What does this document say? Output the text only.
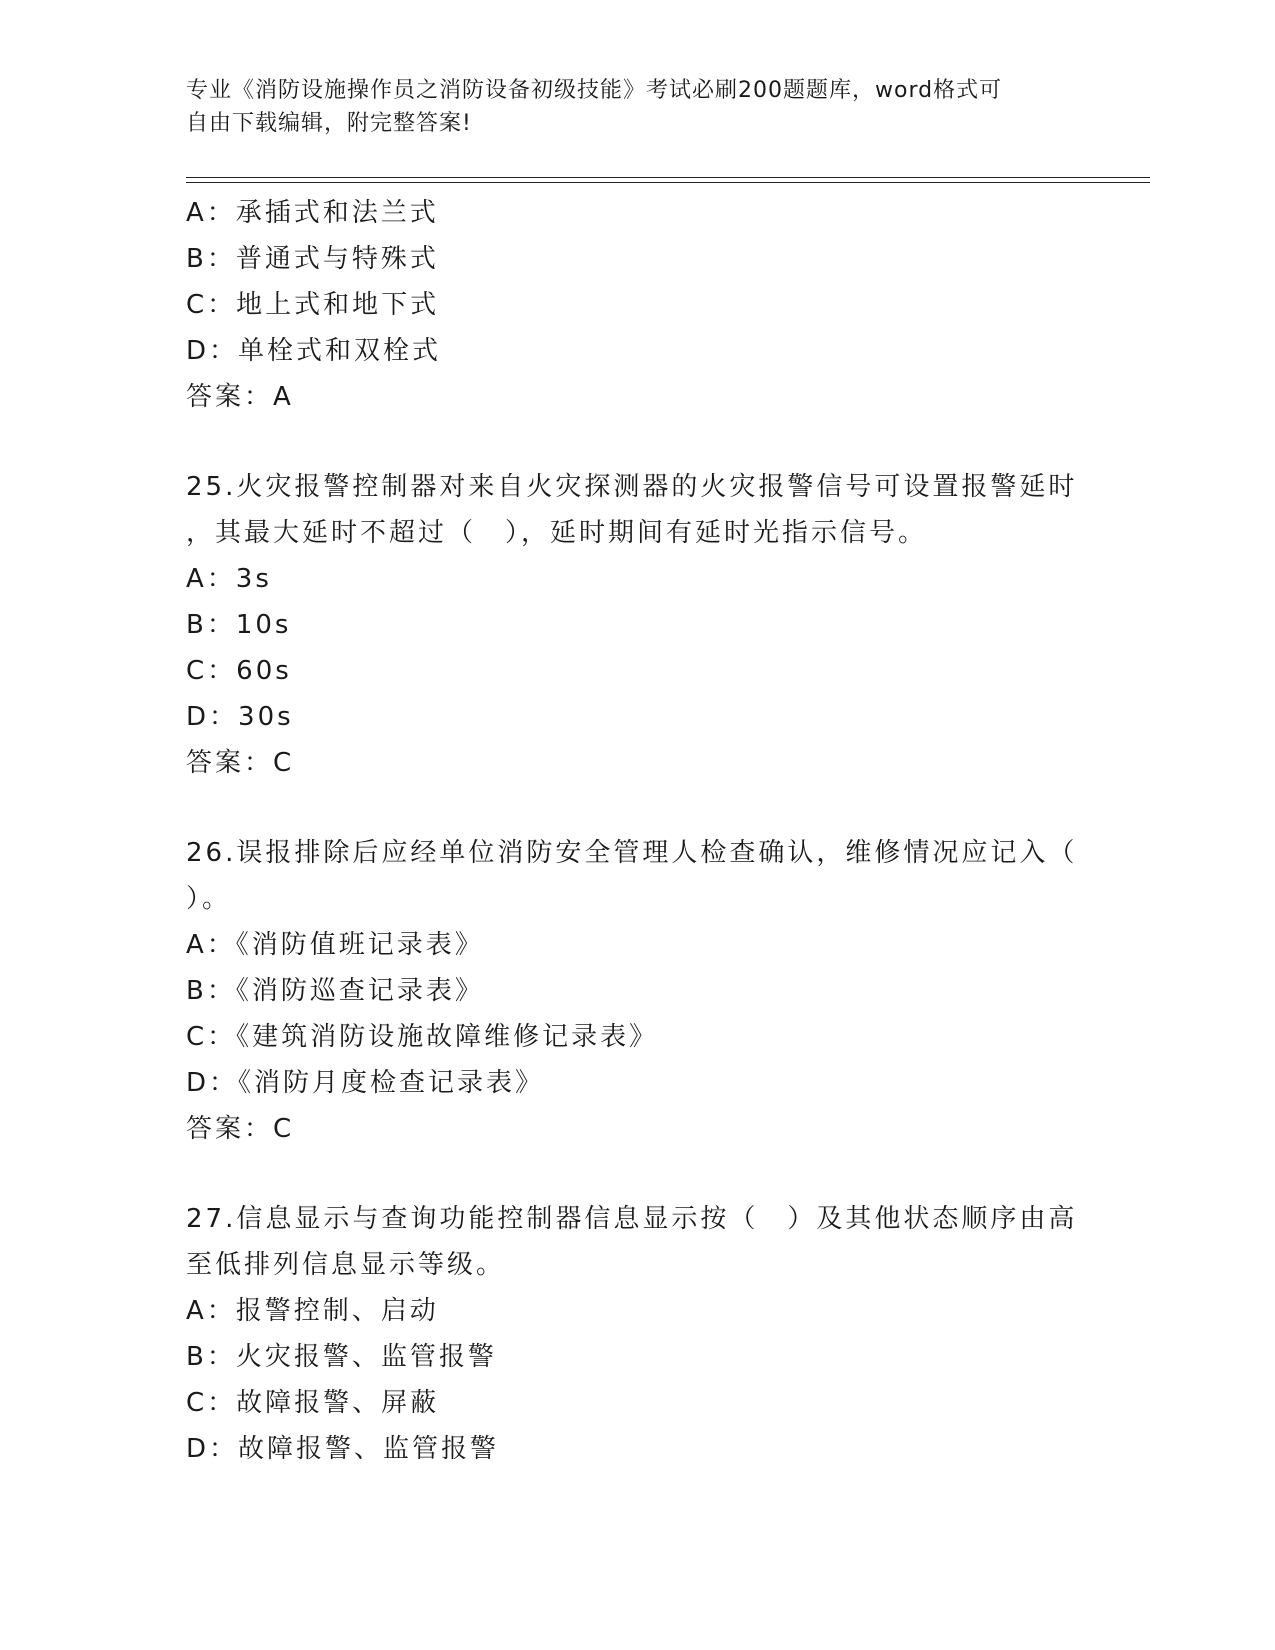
专业《消防设施操作员之消防设备初级技能》考试必刷200题题库，word格式可
自由下载编辑，附完整答案!
A：承插式和法兰式
B：普通式与特殊式
C：地上式和地下式
D：单栓式和双栓式
答案：A
25.火灾报警控制器对来自火灾探测器的火灾报警信号可设置报警延时
，其最大延时不超过（　），延时期间有延时光指示信号。
A：3s
B：10s
C：60s
D：30s
答案：C
26.误报排除后应经单位消防安全管理人检查确认，维修情况应记入（
）。
A：《消防值班记录表》
B：《消防巡查记录表》
C：《建筑消防设施故障维修记录表》
D：《消防月度检查记录表》
答案：C
27.信息显示与查询功能控制器信息显示按（　）及其他状态顺序由高
至低排列信息显示等级。
A：报警控制、启动
B：火灾报警、监管报警
C：故障报警、屏蔽
D：故障报警、监管报警
